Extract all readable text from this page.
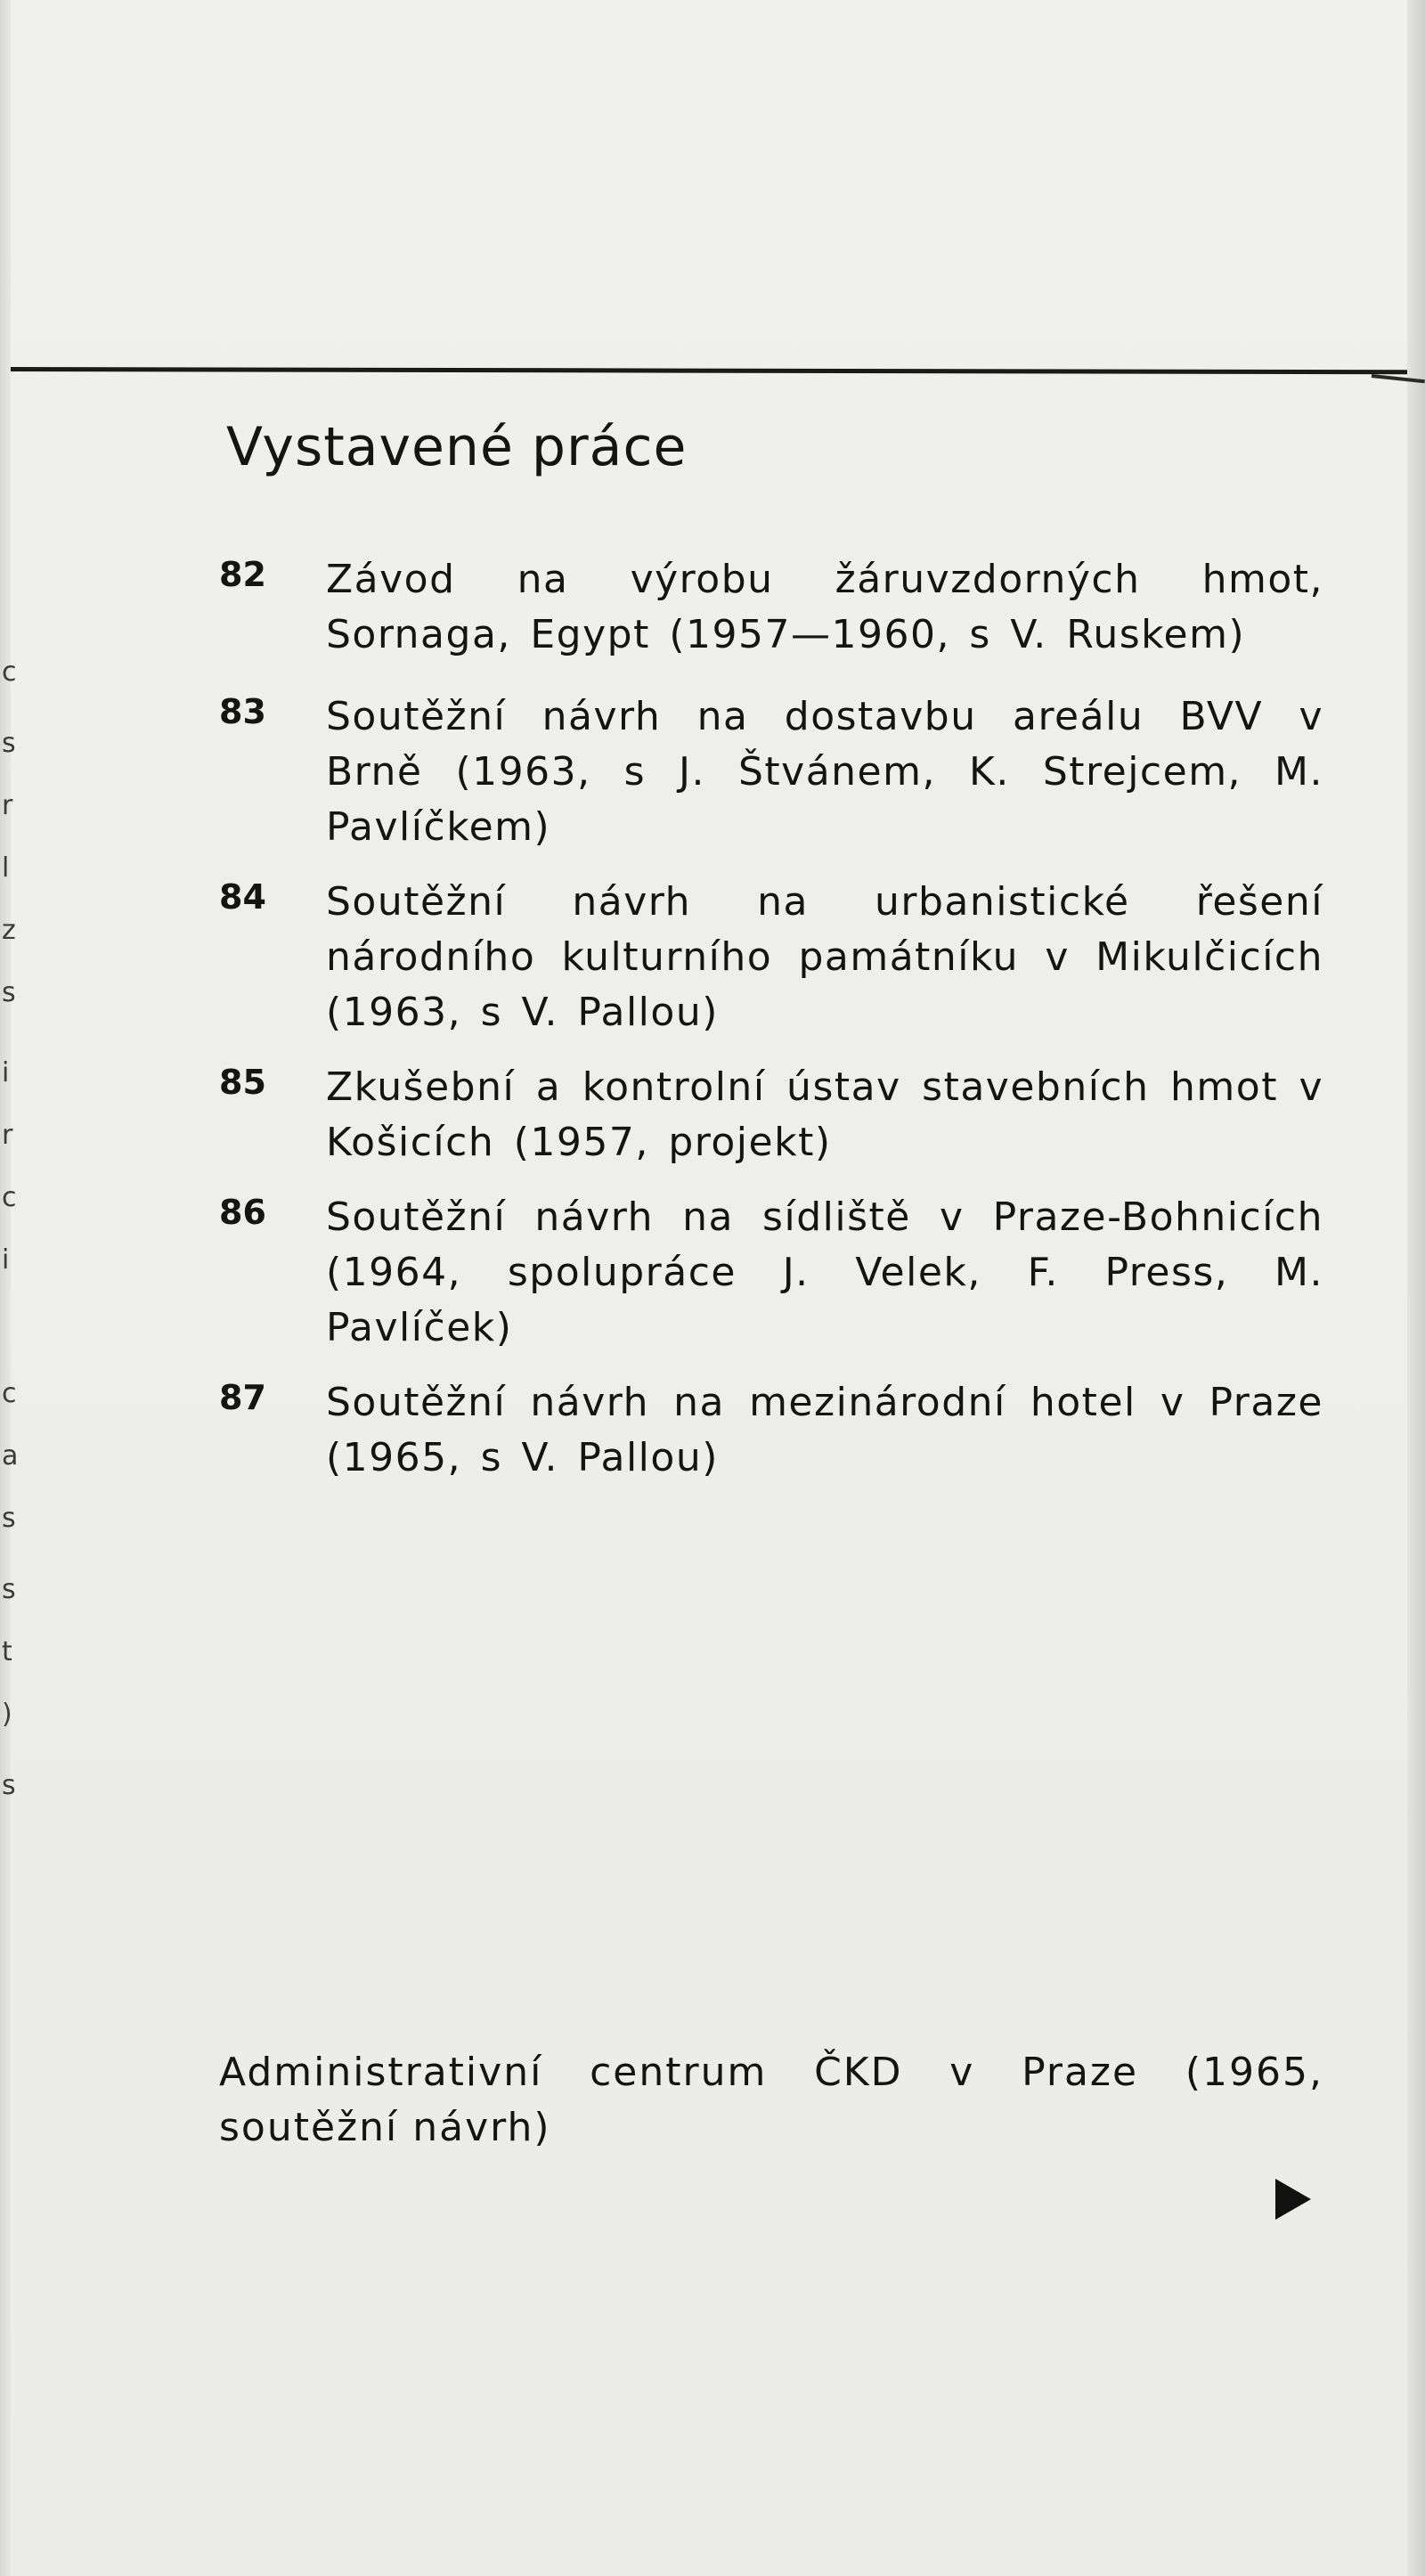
c
s
r
l
z
s
i
r
c
i
c
a
s
s
t
)
s
Vystavené práce
82 Závod na výrobu žáruvzdorných hmot, Sornaga, Egypt (1957—1960, s V. Ruskem)
83 Soutěžní návrh na dostavbu areálu BVV v Brně (1963, s J. Štvánem, K. Strejcem, M. Pavlíčkem)
84 Soutěžní návrh na urbanistické řešení národního kulturního památníku v Mikulčicích (1963, s V. Pallou)
85 Zkušební a kontrolní ústav stavebních hmot v Košicích (1957, projekt)
86 Soutěžní návrh na sídliště v Praze-Bohnicích (1964, spolupráce J. Velek, F. Press, M. Pavlíček)
87 Soutěžní návrh na mezinárodní hotel v Praze (1965, s V. Pallou)

Administrativní centrum ČKD v Praze (1965, soutěžní návrh)
